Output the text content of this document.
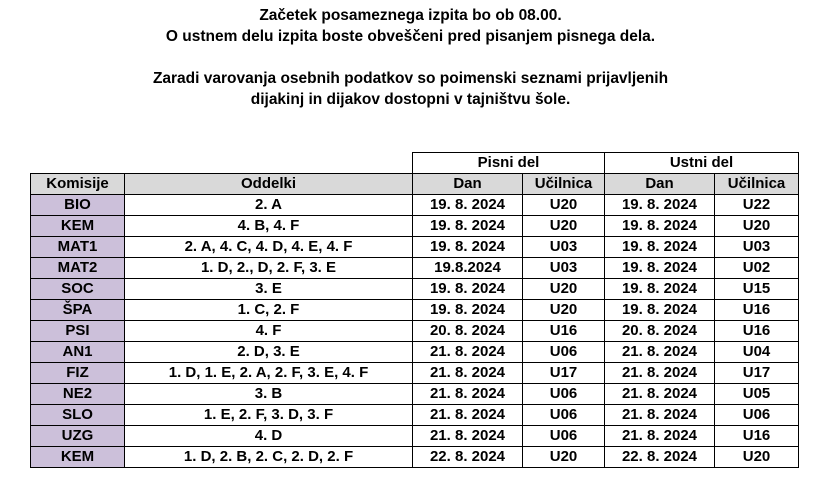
Začetek posameznega izpita bo ob 08.00.
O ustnem delu izpita boste obveščeni pred pisanjem pisnega dela.
Zaradi varovanja osebnih podatkov so poimenski seznami prijavljenih
dijakinj in dijakov dostopni v tajništvu šole.
		Pisni del		Ustni del	
Komisije	Oddelki	Dan	Učilnica	Dan	Učilnica
BIO	2. A	19. 8. 2024	U20	19. 8. 2024	U22
KEM	4. B, 4. F	19. 8. 2024	U20	19. 8. 2024	U20
MAT1	2. A, 4. C, 4. D, 4. E, 4. F	19. 8. 2024	U03	19. 8. 2024	U03
MAT2	1. D, 2., D, 2. F, 3. E	19.8.2024	U03	19. 8. 2024	U02
SOC	3. E	19. 8. 2024	U20	19. 8. 2024	U15
ŠPA	1. C, 2. F	19. 8. 2024	U20	19. 8. 2024	U16
PSI	4. F	20. 8. 2024	U16	20. 8. 2024	U16
AN1	2. D, 3. E	21. 8. 2024	U06	21. 8. 2024	U04
FIZ	1. D, 1. E, 2. A, 2. F, 3. E, 4. F	21. 8. 2024	U17	21. 8. 2024	U17
NE2	3. B	21. 8. 2024	U06	21. 8. 2024	U05
SLO	1. E, 2. F, 3. D, 3. F	21. 8. 2024	U06	21. 8. 2024	U06
UZG	4. D	21. 8. 2024	U06	21. 8. 2024	U16
KEM	1. D, 2. B, 2. C, 2. D, 2. F	22. 8. 2024	U20	22. 8. 2024	U20
